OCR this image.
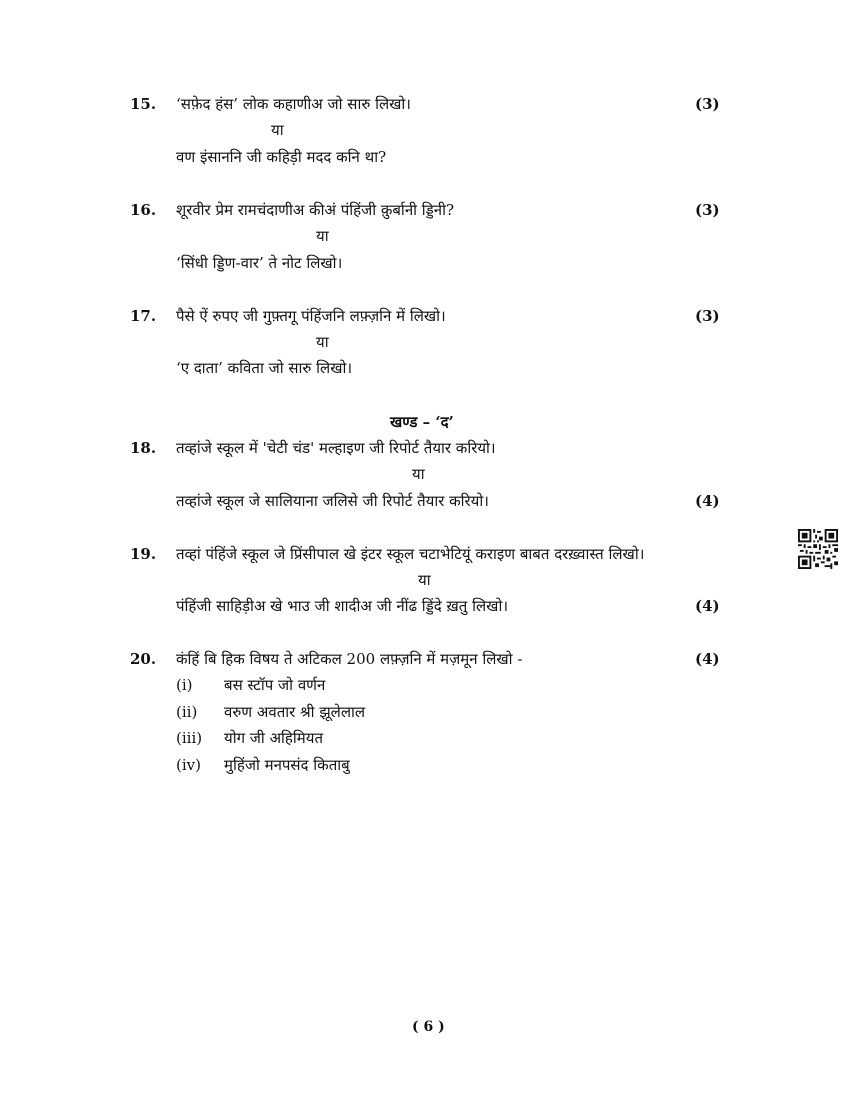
15. ‘सफ़ेद हंस’ लोक कहाणीअ जो सारु लिखो।	(3)
या
वण इंसाननि जी कहिड़ी मदद कनि था?
16. शूरवीर प्रेम रामचंदाणीअ कीअं पंहिंजी क़ुर्बानी ड्डिनी?	(3)
या
‘सिंधी ड्डिण-वार’ ते नोट लिखो।
17. पैसे ऐं रुपए जी गुफ़्तगू पंहिंजनि लफ़्ज़नि में लिखो।	(3)
या
‘ए दाता’ कविता जो सारु लिखो।
खण्ड – ‘द’
18. तव्हांजे स्कूल में 'चेटी चंड' मल्हाइण जी रिपोर्ट तैयार करियो।
या
तव्हांजे स्कूल जे सालियाना जलिसे जी रिपोर्ट तैयार करियो।	(4)
19. तव्हां पंहिंजे स्कूल जे प्रिंसीपाल खे इंटर स्कूल चटाभेटियूं कराइण बाबत दरख़्वास्त लिखो।
या
पंहिंजी साहिड़ीअ खे भाउ जी शादीअ जी नींढ ड्डिंदे ख़तु लिखो।	(4)
20. कंहिं बि हिक विषय ते अटिकल 200 लफ़्ज़नि में मज़मून लिखो -	(4)
(i)	बस स्टॉप जो वर्णन
(ii)	वरुण अवतार श्री झूलेलाल
(iii)	योग जी अहिमियत
(iv)	मुहिंजो मनपसंद किताबु
( 6 )
